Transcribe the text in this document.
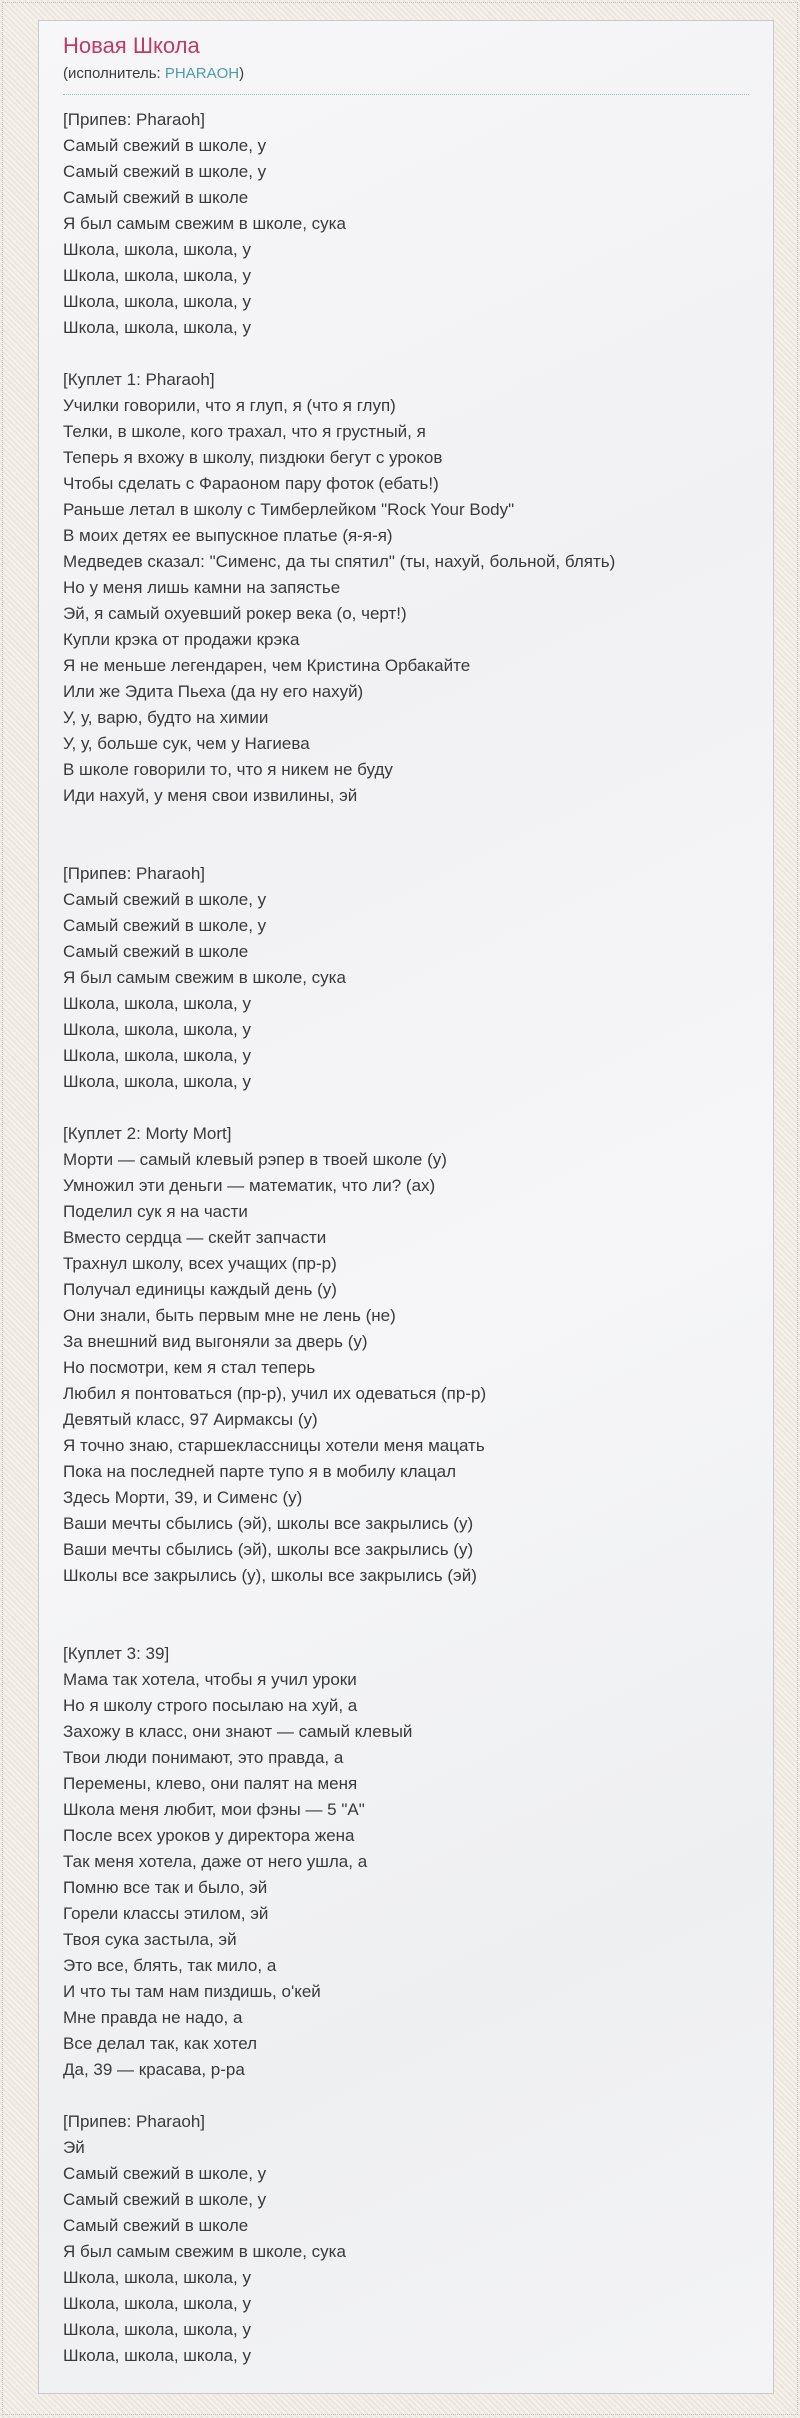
Новая Школа
(исполнитель: PHARAOH)
[Припев: Pharaoh]
Самый свежий в школе, у
Самый свежий в школе, у
Самый свежий в школе
Я был самым свежим в школе, сука
Школа, школа, школа, у
Школа, школа, школа, у
Школа, школа, школа, у
Школа, школа, школа, у
[Куплет 1: Pharaoh]
Училки говорили, что я глуп, я (что я глуп)
Телки, в школе, кого трахал, что я грустный, я
Теперь я вхожу в школу, пиздюки бегут с уроков
Чтобы сделать с Фараоном пару фоток (ебать!)
Раньше летал в школу с Тимберлейком "Rock Your Body"
В моих детях ее выпускное платье (я-я-я)
Медведев сказал: "Сименс, да ты спятил" (ты, нахуй, больной, блять)
Но у меня лишь камни на запястье
Эй, я самый охуевший рокер века (о, черт!)
Купли крэка от продажи крэка
Я не меньше легендарен, чем Кристина Орбакайте
Или же Эдита Пьеха (да ну его нахуй)
У, у, варю, будто на химии
У, у, больше сук, чем у Нагиева
В школе говорили то, что я никем не буду
Иди нахуй, у меня свои извилины, эй
[Припев: Pharaoh]
Самый свежий в школе, у
Самый свежий в школе, у
Самый свежий в школе
Я был самым свежим в школе, сука
Школа, школа, школа, у
Школа, школа, школа, у
Школа, школа, школа, у
Школа, школа, школа, у
[Куплет 2: Morty Mort]
Морти — самый клевый рэпер в твоей школе (у)
Умножил эти деньги — математик, что ли? (ах)
Поделил сук я на части
Вместо сердца — скейт запчасти
Трахнул школу, всех учащих (пр-р)
Получал единицы каждый день (у)
Они знали, быть первым мне не лень (не)
За внешний вид выгоняли за дверь (у)
Но посмотри, кем я стал теперь
Любил я понтоваться (пр-р), учил их одеваться (пр-р)
Девятый класс, 97 Аирмаксы (у)
Я точно знаю, старшеклассницы хотели меня мацать
Пока на последней парте тупо я в мобилу клацал
Здесь Морти, 39, и Сименс (у)
Ваши мечты сбылись (эй), школы все закрылись (у)
Ваши мечты сбылись (эй), школы все закрылись (у)
Школы все закрылись (у), школы все закрылись (эй)
[Куплет 3: 39]
Мама так хотела, чтобы я учил уроки
Но я школу строго посылаю на хуй, а
Захожу в класс, они знают — самый клевый
Твои люди понимают, это правда, а
Перемены, клево, они палят на меня
Школа меня любит, мои фэны — 5 "А"
После всех уроков у директора жена
Так меня хотела, даже от него ушла, а
Помню все так и было, эй
Горели классы этилом, эй
Твоя сука застыла, эй
Это все, блять, так мило, а
И что ты там нам пиздишь, о'кей
Мне правда не надо, а
Все делал так, как хотел
Да, 39 — красава, р-ра
[Припев: Pharaoh]
Эй
Самый свежий в школе, у
Самый свежий в школе, у
Самый свежий в школе
Я был самым свежим в школе, сука
Школа, школа, школа, у
Школа, школа, школа, у
Школа, школа, школа, у
Школа, школа, школа, у
